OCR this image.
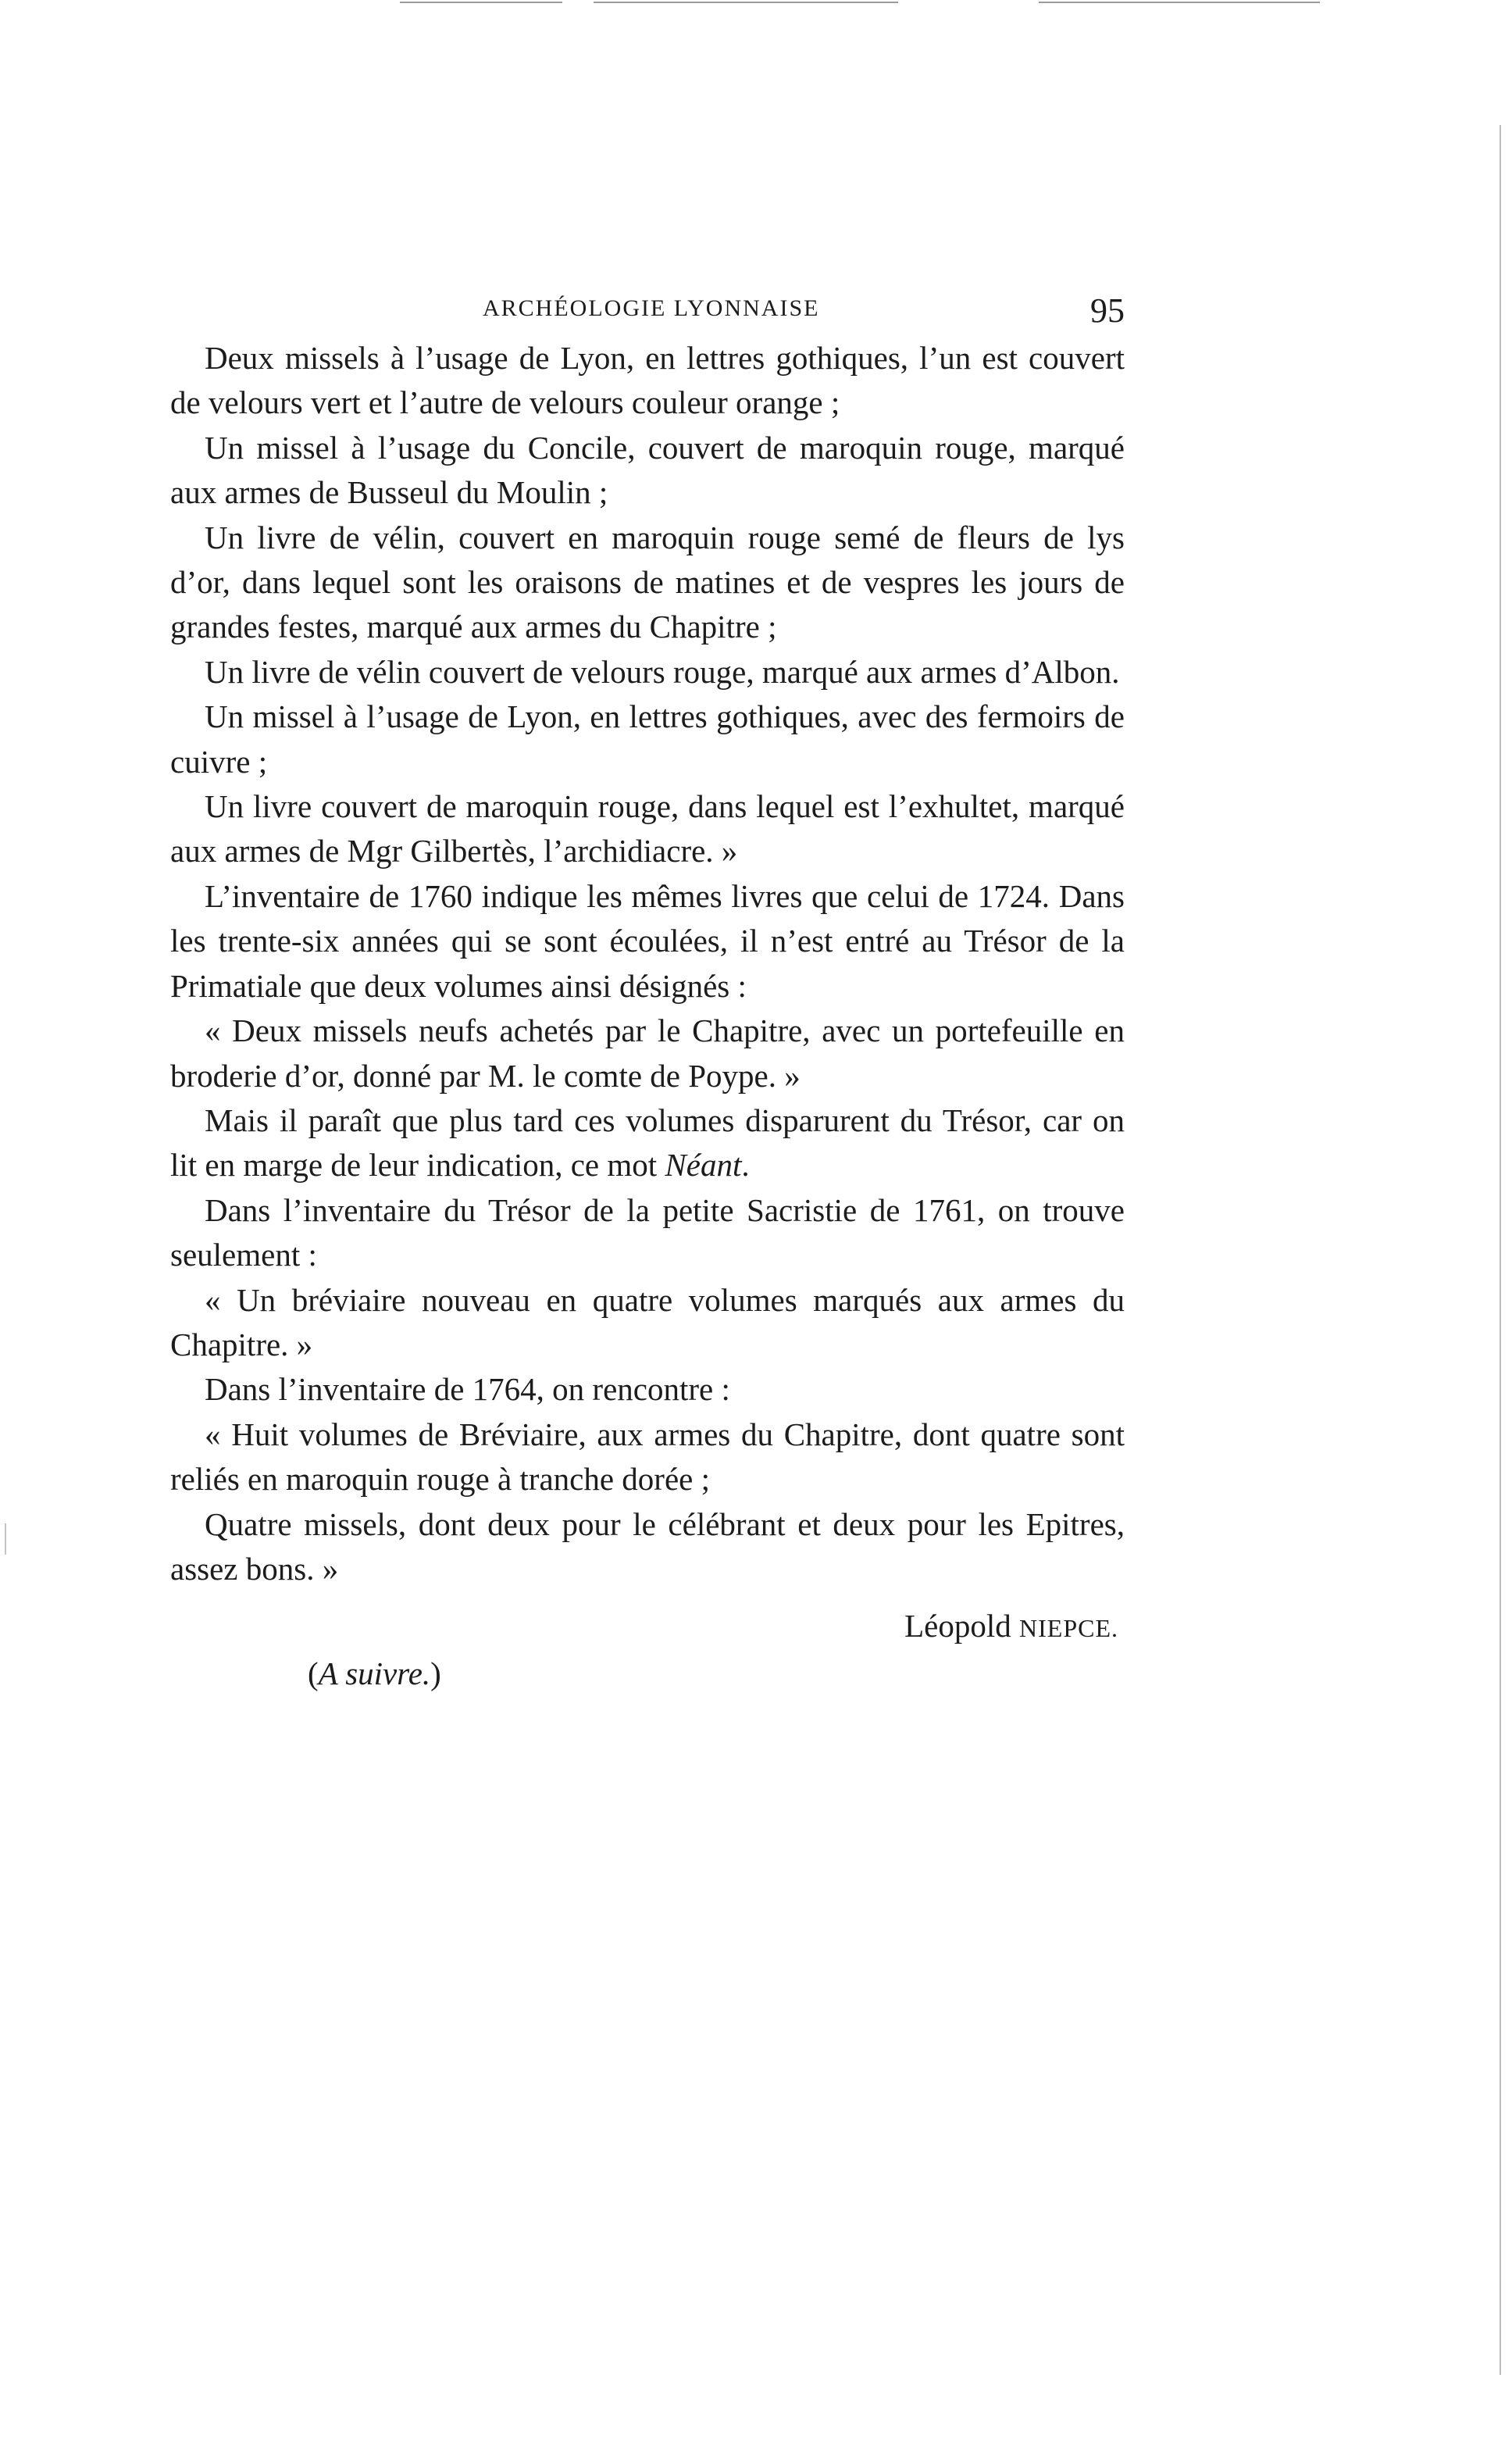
ARCHÉOLOGIE LYONNAISE	95

Deux missels à l’usage de Lyon, en lettres gothiques, l’un est couvert de velours vert et l’autre de velours couleur orange ;

Un missel à l’usage du Concile, couvert de maroquin rouge, marqué aux armes de Busseul du Moulin ;

Un livre de vélin, couvert en maroquin rouge semé de fleurs de lys d’or, dans lequel sont les oraisons de matines et de vespres les jours de grandes festes, marqué aux armes du Chapitre ;

Un livre de vélin couvert de velours rouge, marqué aux armes d’Albon.

Un missel à l’usage de Lyon, en lettres gothiques, avec des fermoirs de cuivre ;

Un livre couvert de maroquin rouge, dans lequel est l’exhultet, marqué aux armes de Mgr Gilbertès, l’archidiacre. »

L’inventaire de 1760 indique les mêmes livres que celui de 1724. Dans les trente-six années qui se sont écoulées, il n’est entré au Trésor de la Primatiale que deux volumes ainsi désignés :

« Deux missels neufs achetés par le Chapitre, avec un portefeuille en broderie d’or, donné par M. le comte de Poype. »

Mais il paraît que plus tard ces volumes disparurent du Trésor, car on lit en marge de leur indication, ce mot Néant.

Dans l’inventaire du Trésor de la petite Sacristie de 1761, on trouve seulement :

« Un bréviaire nouveau en quatre volumes marqués aux armes du Chapitre. »

Dans l’inventaire de 1764, on rencontre :

« Huit volumes de Bréviaire, aux armes du Chapitre, dont quatre sont reliés en maroquin rouge à tranche dorée ;

Quatre missels, dont deux pour le célébrant et deux pour les Epitres, assez bons. »

Léopold NIEPCE.

(A suivre.)
